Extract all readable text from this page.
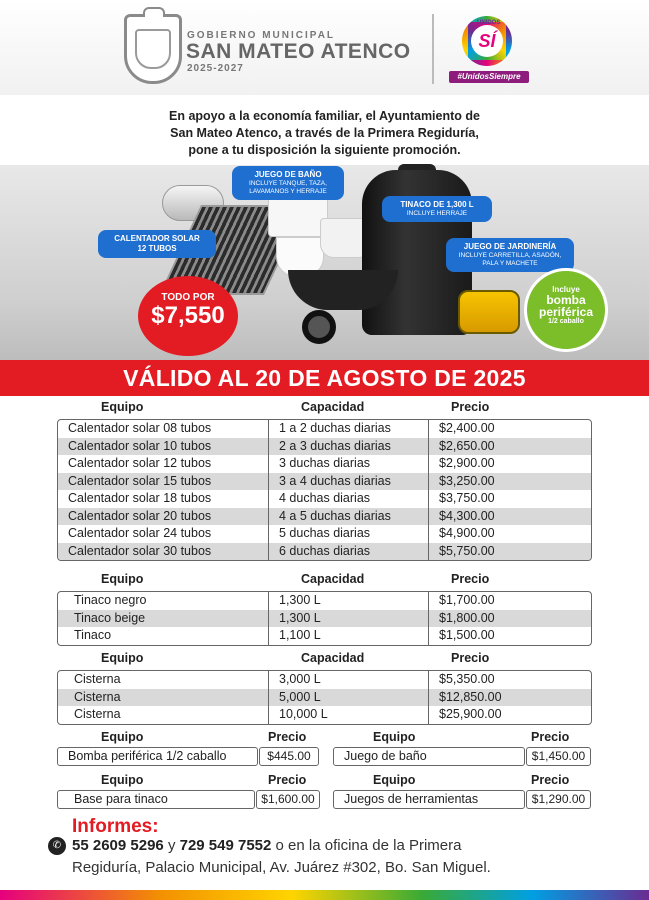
GOBIERNO MUNICIPAL
SAN MATEO ATENCO
2025-2027
SÍ
UNIDOS
#UnidosSiempre
En apoyo a la economía familiar, el Ayuntamiento de
San Mateo Atenco, a través de la Primera Regiduría,
pone a tu disposición la siguiente promoción.
JUEGO DE BAÑO
INCLUYE TANQUE, TAZA, LAVAMANOS Y HERRAJE
CALENTADOR SOLAR
12 TUBOS
TINACO DE 1,300 L
INCLUYE HERRAJE
JUEGO DE JARDINERÍA
INCLUYE CARRETILLA, ASADÓN, PALA Y MACHETE
TODO POR
$7,550
Incluye
bomba periférica
1/2 caballo
VÁLIDO AL 20 DE AGOSTO DE 2025
Equipo	Capacidad	Precio
Calentador solar 08 tubos	1 a 2 duchas diarias	$2,400.00
Calentador solar 10 tubos	2 a 3 duchas diarias	$2,650.00
Calentador solar 12 tubos	3 duchas diarias	$2,900.00
Calentador solar 15 tubos	3 a 4 duchas diarias	$3,250.00
Calentador solar 18 tubos	4 duchas diarias	$3,750.00
Calentador solar 20 tubos	4 a 5 duchas diarias	$4,300.00
Calentador solar 24 tubos	5 duchas diarias	$4,900.00
Calentador solar 30 tubos	6 duchas diarias	$5,750.00
Equipo	Capacidad	Precio
Tinaco negro	1,300 L	$1,700.00
Tinaco beige	1,300 L	$1,800.00
Tinaco	1,100 L	$1,500.00
Equipo	Capacidad	Precio
Cisterna	3,000 L	$5,350.00
Cisterna	5,000 L	$12,850.00
Cisterna	10,000 L	$25,900.00
Equipo	Precio	Equipo	Precio
Bomba periférica 1/2 caballo	$445.00	Juego de baño	$1,450.00
Equipo	Precio	Equipo	Precio
Base para tinaco	$1,600.00	Juegos de herramientas	$1,290.00
Informes:
✆ 55 2609 5296 y 729 549 7552 o en la oficina de la Primera
Regiduría, Palacio Municipal, Av. Juárez #302, Bo. San Miguel.
